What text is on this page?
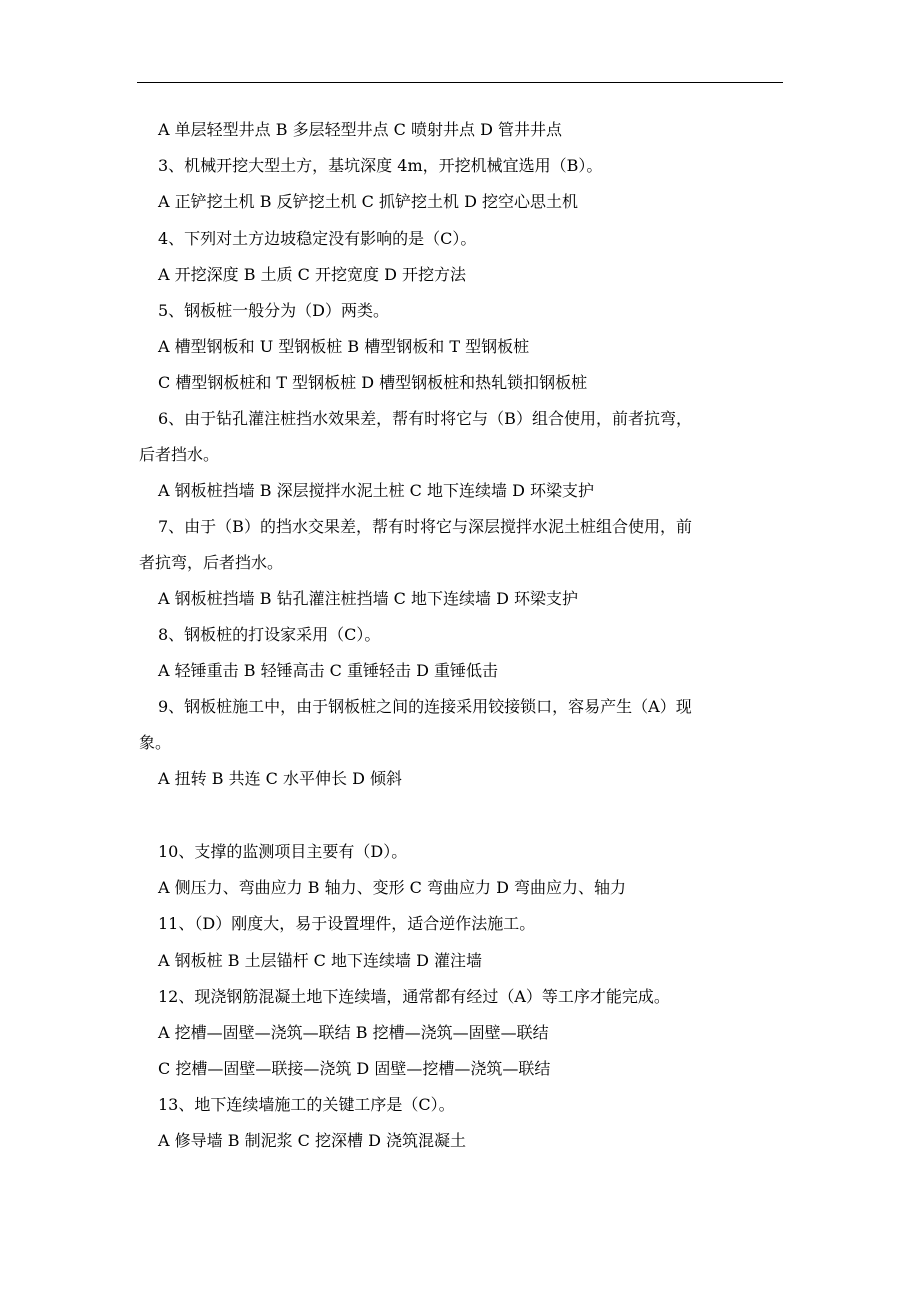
A 单层轻型井点 B 多层轻型井点 C 喷射井点 D 管井井点
3、机械开挖大型土方，基坑深度 4m，开挖机械宜选用（B）。
A 正铲挖土机 B 反铲挖土机 C 抓铲挖土机 D 挖空心思土机
4、下列对土方边坡稳定没有影响的是（C）。
A 开挖深度 B 土质 C 开挖宽度 D 开挖方法
5、钢板桩一般分为（D）两类。
A 槽型钢板和 U 型钢板桩 B 槽型钢板和 T 型钢板桩
C 槽型钢板桩和 T 型钢板桩 D 槽型钢板桩和热轧锁扣钢板桩
6、由于钻孔灌注桩挡水效果差，帮有时将它与（B）组合使用，前者抗弯，
后者挡水。
A 钢板桩挡墙 B 深层搅拌水泥土桩 C 地下连续墙 D 环梁支护
7、由于（B）的挡水交果差，帮有时将它与深层搅拌水泥土桩组合使用，前
者抗弯，后者挡水。
A 钢板桩挡墙 B 钻孔灌注桩挡墙 C 地下连续墙 D 环梁支护
8、钢板桩的打设家采用（C）。
A 轻锤重击 B 轻锤高击 C 重锤轻击 D 重锤低击
9、钢板桩施工中，由于钢板桩之间的连接采用铰接锁口，容易产生（A）现
象。
A 扭转 B 共连 C 水平伸长 D 倾斜
10、支撑的监测项目主要有（D）。
A 侧压力、弯曲应力 B 轴力、变形 C 弯曲应力 D 弯曲应力、轴力
11、（D）刚度大，易于设置埋件，适合逆作法施工。
A 钢板桩 B 土层锚杆 C 地下连续墙 D 灌注墙
12、现浇钢筋混凝土地下连续墙，通常都有经过（A）等工序才能完成。
A 挖槽—固壁—浇筑—联结 B 挖槽—浇筑—固壁—联结
C 挖槽—固壁—联接—浇筑 D 固壁—挖槽—浇筑—联结
13、地下连续墙施工的关键工序是（C）。
A 修导墙 B 制泥浆 C 挖深槽 D 浇筑混凝土
